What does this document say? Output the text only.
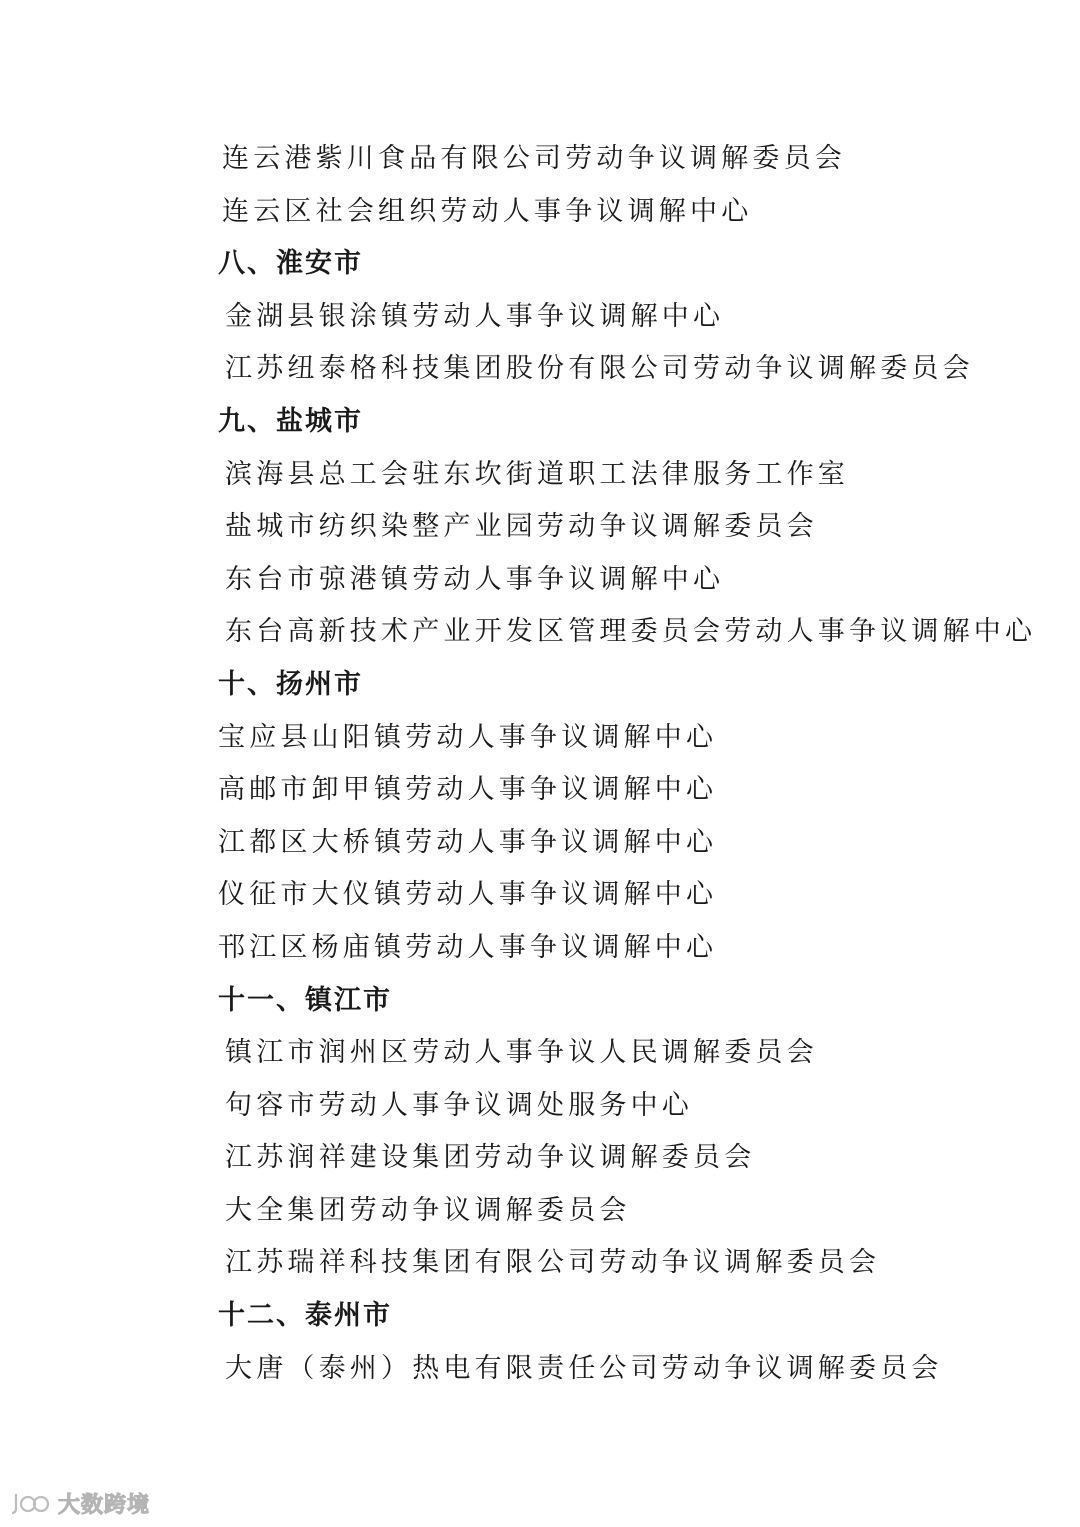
连云港紫川食品有限公司劳动争议调解委员会
连云区社会组织劳动人事争议调解中心
八、淮安市
金湖县银涂镇劳动人事争议调解中心
江苏纽泰格科技集团股份有限公司劳动争议调解委员会
九、盐城市
滨海县总工会驻东坎街道职工法律服务工作室
盐城市纺织染整产业园劳动争议调解委员会
东台市弶港镇劳动人事争议调解中心
东台高新技术产业开发区管理委员会劳动人事争议调解中心
十、扬州市
宝应县山阳镇劳动人事争议调解中心
高邮市卸甲镇劳动人事争议调解中心
江都区大桥镇劳动人事争议调解中心
仪征市大仪镇劳动人事争议调解中心
邗江区杨庙镇劳动人事争议调解中心
十一、镇江市
镇江市润州区劳动人事争议人民调解委员会
句容市劳动人事争议调处服务中心
江苏润祥建设集团劳动争议调解委员会
大全集团劳动争议调解委员会
江苏瑞祥科技集团有限公司劳动争议调解委员会
十二、泰州市
大唐（泰州）热电有限责任公司劳动争议调解委员会
大数跨境
